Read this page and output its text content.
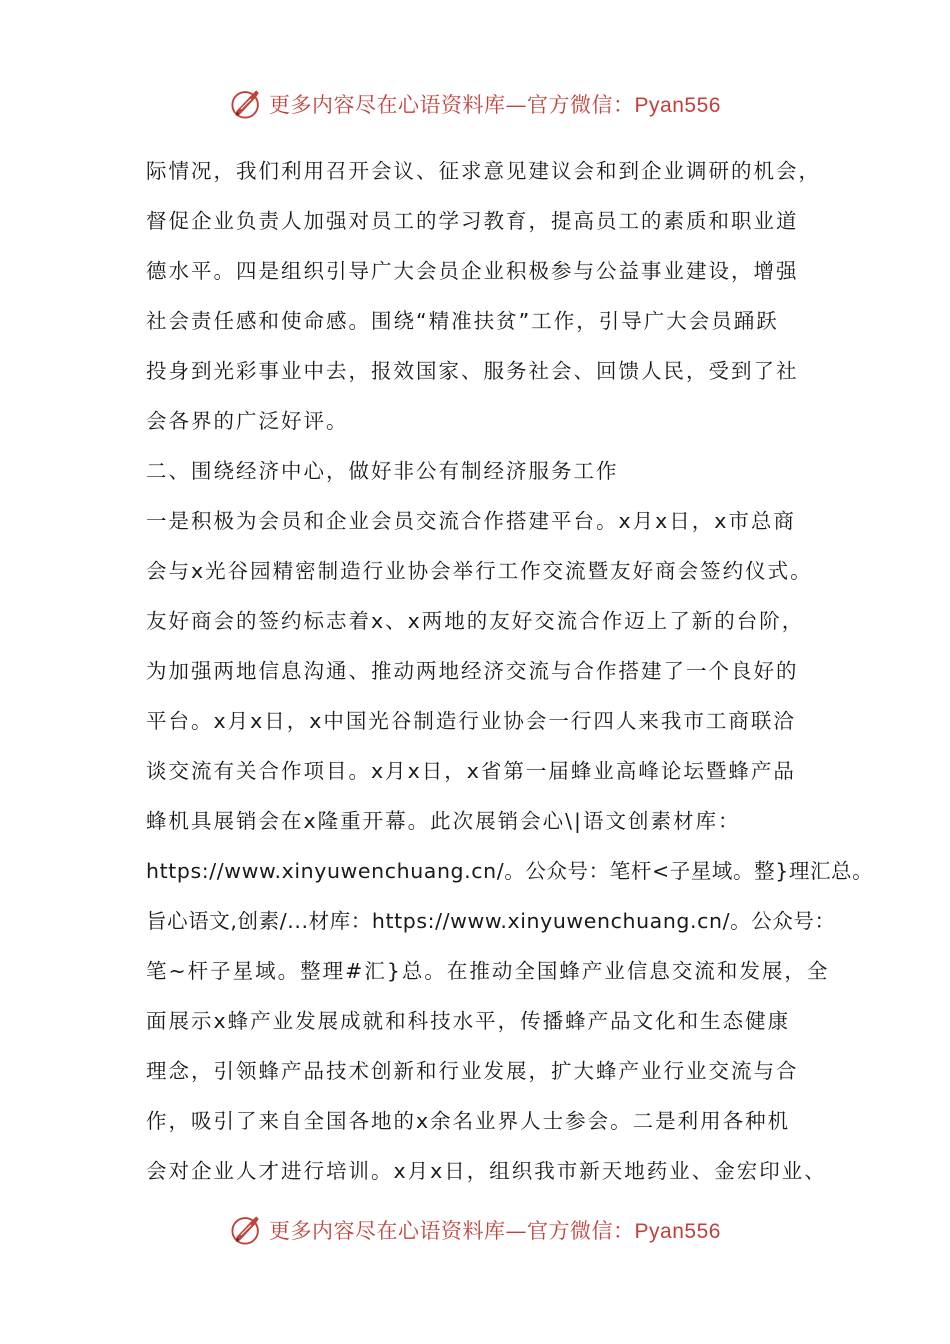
更多内容尽在心语资料库—官方微信：Pyan556
际情况，我们利用召开会议、征求意见建议会和到企业调研的机会，
督促企业负责人加强对员工的学习教育，提高员工的素质和职业道
德水平。四是组织引导广大会员企业积极参与公益事业建设，增强
社会责任感和使命感。围绕“精准扶贫”工作，引导广大会员踊跃
投身到光彩事业中去，报效国家、服务社会、回馈人民，受到了社
会各界的广泛好评。
二、围绕经济中心，做好非公有制经济服务工作
一是积极为会员和企业会员交流合作搭建平台。x月x日，x市总商
会与x光谷园精密制造行业协会举行工作交流暨友好商会签约仪式。
友好商会的签约标志着x、x两地的友好交流合作迈上了新的台阶，
为加强两地信息沟通、推动两地经济交流与合作搭建了一个良好的
平台。x月x日，x中国光谷制造行业协会一行四人来我市工商联洽
谈交流有关合作项目。x月x日，x省第一届蜂业高峰论坛暨蜂产品
蜂机具展销会在x隆重开幕。此次展销会心\|语文创素材库：
https://www.xinyuwenchuang.cn/。公众号：笔杆<子星域。整}理汇总。
旨心语文,创素/...材库：https://www.xinyuwenchuang.cn/。公众号：
笔~杆子星域。整理#汇}总。在推动全国蜂产业信息交流和发展，全
面展示x蜂产业发展成就和科技水平，传播蜂产品文化和生态健康
理念，引领蜂产品技术创新和行业发展，扩大蜂产业行业交流与合
作，吸引了来自全国各地的x余名业界人士参会。二是利用各种机
会对企业人才进行培训。x月x日，组织我市新天地药业、金宏印业、
更多内容尽在心语资料库—官方微信：Pyan556
